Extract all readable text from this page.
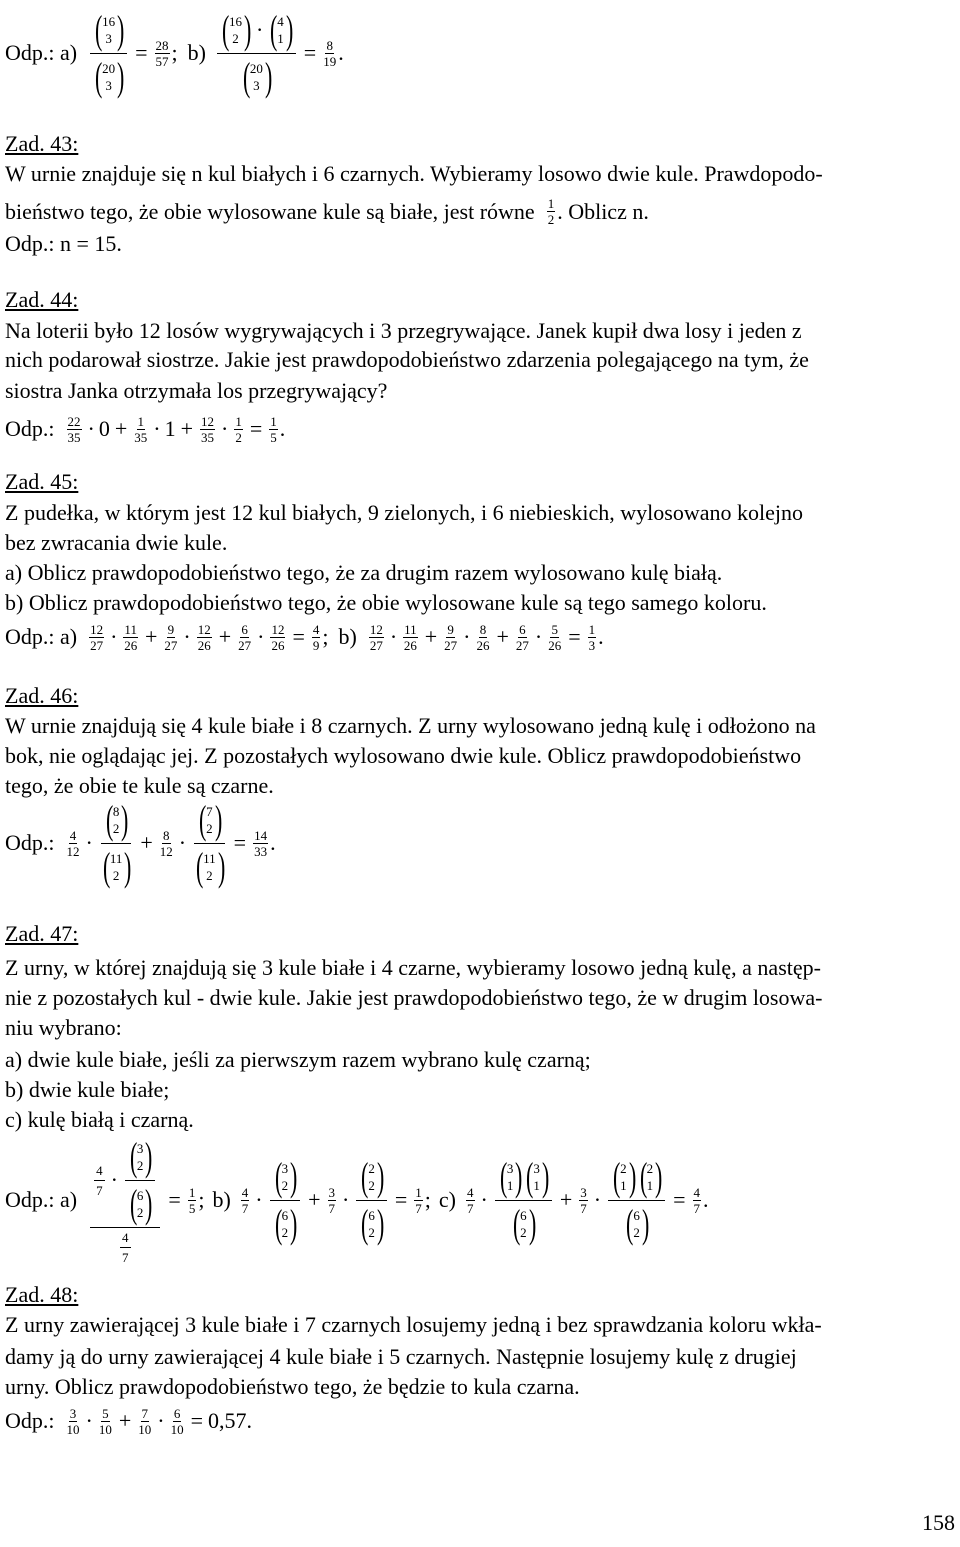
Odp.: a) ( 16
3 )
( 20
3 ) = $\frac{28}{57}$ ; b) ( 16
2 ) · ( 4
1 )
( 20
3 ) = $\frac{8}{19}$ .
Zad. 43:
W urnie znajduje się n kul białych i 6 czarnych. Wybieramy losowo dwie kule. Prawdopodo-
bieństwo tego, że obie wylosowane kule są białe, jest równe 1
2 . Oblicz n.
Odp.: n = 15.
Zad. 44:
Na loterii było 12 losów wygrywających i 3 przegrywające. Janek kupił dwa losy i jeden z
nich podarował siostrze. Jakie jest prawdopodobieństwo zdarzenia polegającego na tym, że
siostra Janka otrzymała los przegrywający?
Odp.: 22
$35 \cdot 0 + \frac{1}{35} \cdot 1 + \frac{12}{35} \cdot \frac{1}{2} = \frac{1}{5}$ .
Zad. 45:
Z pudełka, w którym jest 12 kul białych, 9 zielonych, i 6 niebieskich, wylosowano kolejno
bez zwracania dwie kule.
a) Oblicz prawdopodobieństwo tego, że za drugim razem wylosowano kulę białą.
b) Oblicz prawdopodobieństwo tego, że obie wylosowane kule są tego samego koloru.
Odp.: a) 12
27 · 11
$26 + \frac{9}{27} \cdot 12$
$26 + \frac{6}{27} \cdot \frac{12}{26} = \frac{4}{9}$ ; b) 12
27 · 11
$26 + \frac{9}{27} \cdot 8$
$26 + \frac{6}{27} \cdot \frac{5}{26} = \frac{1}{3}$ .
Zad. 46:
W urnie znajdują się 4 kule białe i 8 czarnych. Z urny wylosowano jedną kulę i odłożono na
bok, nie oglądając jej. Z pozostałych wylosowano dwie kule. Oblicz prawdopodobieństwo
tego, że obie te kule są czarne.
Odp.: 4
12 ·
( 8
2 )
( 11
2 )
+ $\frac{8}{12}$ · ( 7
2 )
( 11
2 ) = $\frac{14}{33}$ .
Zad. 47:
Z urny, w której znajdują się 3 kule białe i 4 czarne, wybieramy losowo jedną kulę, a następ-
nie z pozostałych kul - dwie kule. Jakie jest prawdopodobieństwo tego, że w drugim losowa-
niu wybrano:
a) dwie kule białe, jeśli za pierwszym razem wybrano kulę czarną;
b) dwie kule białe;
c) kulę białą i czarną.
Odp.: a) 4
7 ·
( 3
2 )
( 6
2 )
4
$7 = \frac{1}{5}$ ; b) 4
7 ·
( 3
2 )
( 6
2 )
+ $\frac{3}{7}$ · ( 2
2 )
( 6
2 ) = $\frac{1}{7}$ ; c) 4
7 ·
( 3
1 ) ( 3
1 )
( 6
2 )
+ $\frac{3}{7}$ · ( 2
1 ) ( 2
1 )
( 6
2 ) = $\frac{4}{7}$ .
Zad. 48:
Z urny zawierającej 3 kule białe i 7 czarnych losujemy jedną i bez sprawdzania koloru wkła-
damy ją do urny zawierającej 4 kule białe i 5 czarnych. Następnie losujemy kulę z drugiej
urny. Oblicz prawdopodobieństwo tego, że będzie to kula czarna.
Odp.: 3
10 · 5
$10 + \frac{7}{10} \cdot \frac{6}{10} = 0,57$ .
158
